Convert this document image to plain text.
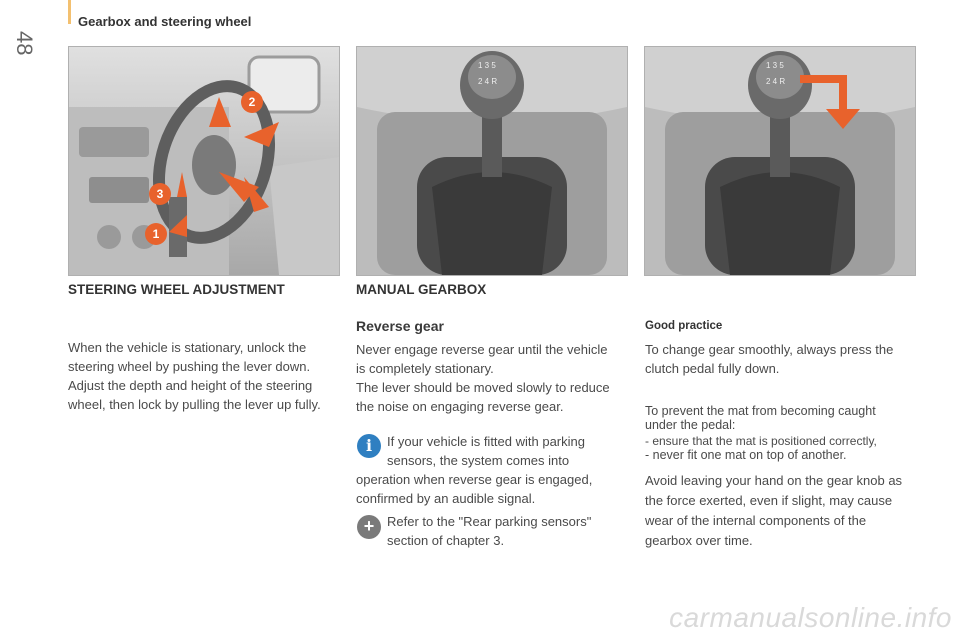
48
Gearbox and steering wheel
2
3
1
1 3 5
2 4 R
1 3 5
2 4 R
STEERING WHEEL ADJUSTMENT
When the vehicle is stationary, unlock the
steering wheel by pushing the lever down.
Adjust the depth and height of the steering
wheel, then lock by pulling the lever up fully.
MANUAL GEARBOX
Reverse gear
Never engage reverse gear until the vehicle
is completely stationary.
The lever should be moved slowly to reduce
the noise on engaging reverse gear.
i	If your vehicle is fitted with parking
sensors, the system comes into
operation when reverse gear is engaged,
confirmed by an audible signal.
+ Refer to the "Rear parking sensors"
section of chapter 3.
Good practice
To change gear smoothly, always press the
clutch pedal fully down.
To prevent the mat from becoming caught
under the pedal:
- ensure that the mat is positioned correctly,
- never fit one mat on top of another.
Avoid leaving your hand on the gear knob as
the force exerted, even if slight, may cause
wear of the internal components of the
gearbox over time.
carmanualsonline.info
